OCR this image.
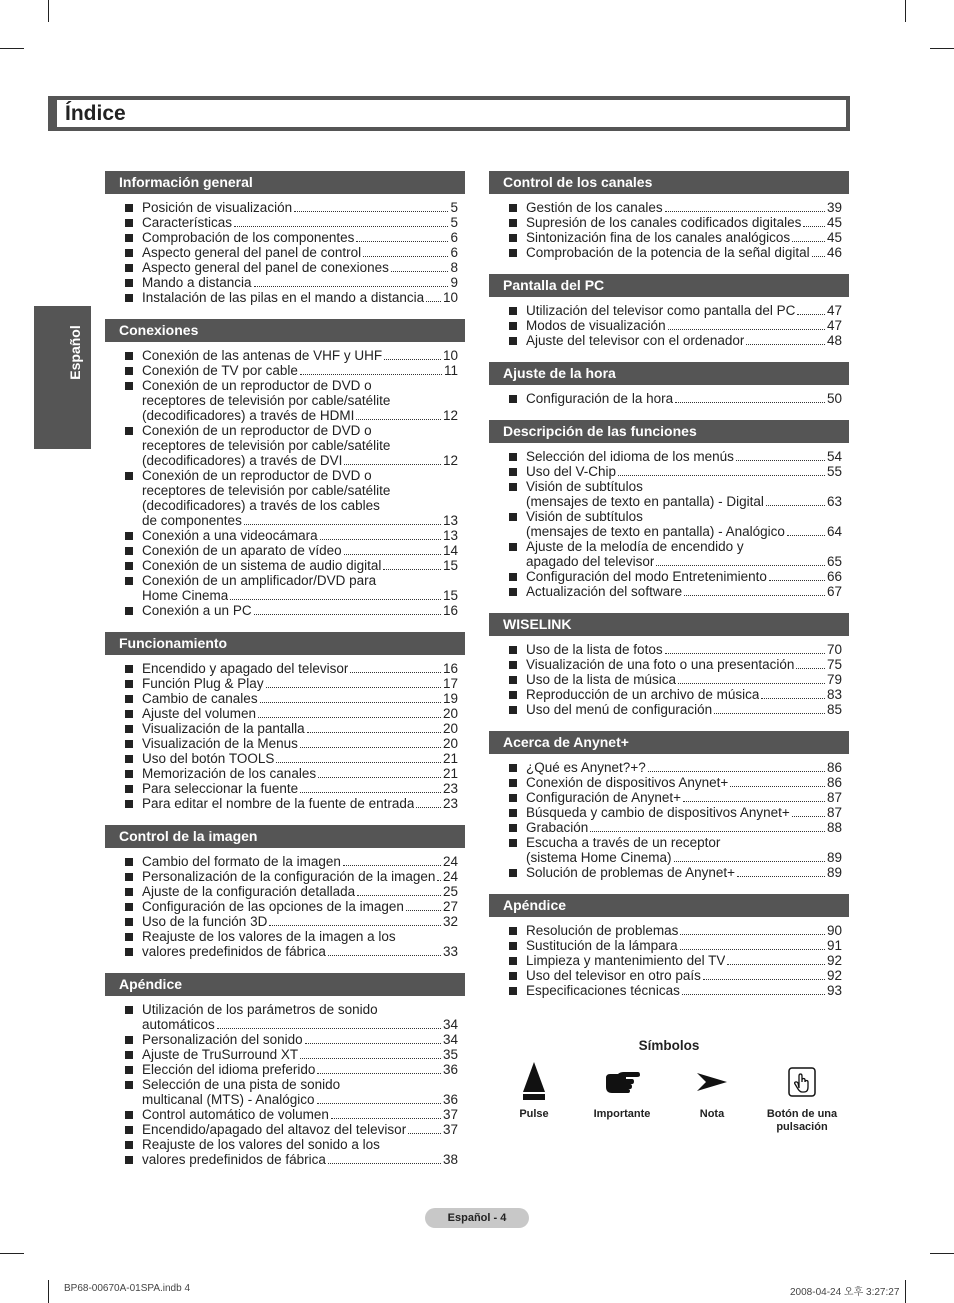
Índice
Español
Información general
Posición de visualización	5
Características	5
Comprobación de los componentes	6
Aspecto general del panel de control	6
Aspecto general del panel de conexiones	8
Mando a distancia	9
Instalación de las pilas en el mando a distancia 10
Conexiones
Conexión de las antenas de VHF y UHF	10
Conexión de TV por cable	11
Conexión de un reproductor de DVD o
receptores de televisión por cable/satélite
(decodificadores) a través de HDMI	12
Conexión de un reproductor de DVD o
receptores de televisión por cable/satélite
(decodificadores) a través de DVI	12
Conexión de un reproductor de DVD o
receptores de televisión por cable/satélite
(decodificadores) a través de los cables
de componentes	13
Conexión a una videocámara	13
Conexión de un aparato de vídeo	14
Conexión de un sistema de audio digital	15
Conexión de un amplificador/DVD para
Home Cinema	15
Conexión a un PC	16
Funcionamiento
Encendido y apagado del televisor	16
Función Plug & Play	17
Cambio de canales	19
Ajuste del volumen	20
Visualización de la pantalla	20
Visualización de la Menus	20
Uso del botón TOOLS	21
Memorización de los canales	21
Para seleccionar la fuente	23
Para editar el nombre de la fuente de entrada 23
Control de la imagen
Cambio del formato de la imagen	24
Personalización de la configuración de la imagen 24
Ajuste de la configuración detallada	25
Configuración de las opciones de la imagen	27
Uso de la función 3D	32
Reajuste de los valores de la imagen a los
valores predefinidos de fábrica	33
Apéndice
Utilización de los parámetros de sonido
automáticos	34
Personalización del sonido	34
Ajuste de TruSurround XT	35
Elección del idioma preferido	36
Selección de una pista de sonido
multicanal (MTS) - Analógico	36
Control automático de volumen	37
Encendido/apagado del altavoz del televisor	37
Reajuste de los valores del sonido a los
valores predefinidos de fábrica	38
Control de los canales
Gestión de los canales	39
Supresión de los canales codificados digitales 45
Sintonización fina de los canales analógicos	45
Comprobación de la potencia de la señal digital 46
Pantalla del PC
Utilización del televisor como pantalla del PC 47
Modos de visualización	47
Ajuste del televisor con el ordenador	48
Ajuste de la hora
Configuración de la hora	50
Descripción de las funciones
Selección del idioma de los menús	54
Uso del V-Chip	55
Visión de subtítulos
(mensajes de texto en pantalla) - Digital	63
Visión de subtítulos
(mensajes de texto en pantalla) - Analógico	64
Ajuste de la melodía de encendido y
apagado del televisor	65
Configuración del modo Entretenimiento	66
Actualización del software	67
WISELINK
Uso de la lista de fotos	70
Visualización de una foto o una presentación 75
Uso de la lista de música	79
Reproducción de un archivo de música	83
Uso del menú de configuración	85
Acerca de Anynet+
¿Qué es Anynet?+?	86
Conexión de dispositivos Anynet+	86
Configuración de Anynet+	87
Búsqueda y cambio de dispositivos Anynet+	87
Grabación	88
Escucha a través de un receptor
(sistema Home Cinema)	89
Solución de problemas de Anynet+	89
Apéndice
Resolución de problemas	90
Sustitución de la lámpara	91
Limpieza y mantenimiento del TV	92
Uso del televisor en otro país	92
Especificaciones técnicas	93
Símbolos
Pulse	Importante	Nota	Botón de una pulsación
Español - 4
BP68-00670A-01SPA.indb 4	2008-04-24 오후 3:27:27
